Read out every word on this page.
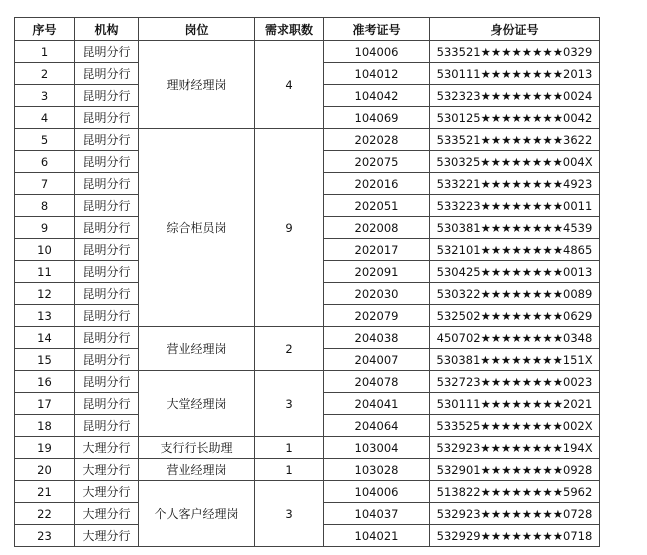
序号	机构	岗位	需求职数	准考证号	身份证号
1	昆明分行	理财经理岗	4	104006	533521★★★★★★★★0329
2	昆明分行			104012	530111★★★★★★★★2013
3	昆明分行			104042	532323★★★★★★★★0024
4	昆明分行			104069	530125★★★★★★★★0042
5	昆明分行	综合柜员岗	9	202028	533521★★★★★★★★3622
6	昆明分行			202075	530325★★★★★★★★004X
7	昆明分行			202016	533221★★★★★★★★4923
8	昆明分行			202051	533223★★★★★★★★0011
9	昆明分行			202008	530381★★★★★★★★4539
10	昆明分行			202017	532101★★★★★★★★4865
11	昆明分行			202091	530425★★★★★★★★0013
12	昆明分行			202030	530322★★★★★★★★0089
13	昆明分行			202079	532502★★★★★★★★0629
14	昆明分行	营业经理岗	2	204038	450702★★★★★★★★0348
15	昆明分行			204007	530381★★★★★★★★151X
16	昆明分行	大堂经理岗	3	204078	532723★★★★★★★★0023
17	昆明分行			204041	530111★★★★★★★★2021
18	昆明分行			204064	533525★★★★★★★★002X
19	大理分行	支行行长助理	1	103004	532923★★★★★★★★194X
20	大理分行	营业经理岗	1	103028	532901★★★★★★★★0928
21	大理分行	个人客户经理岗	3	104006	513822★★★★★★★★5962
22	大理分行			104037	532923★★★★★★★★0728
23	大理分行			104021	532929★★★★★★★★0718
